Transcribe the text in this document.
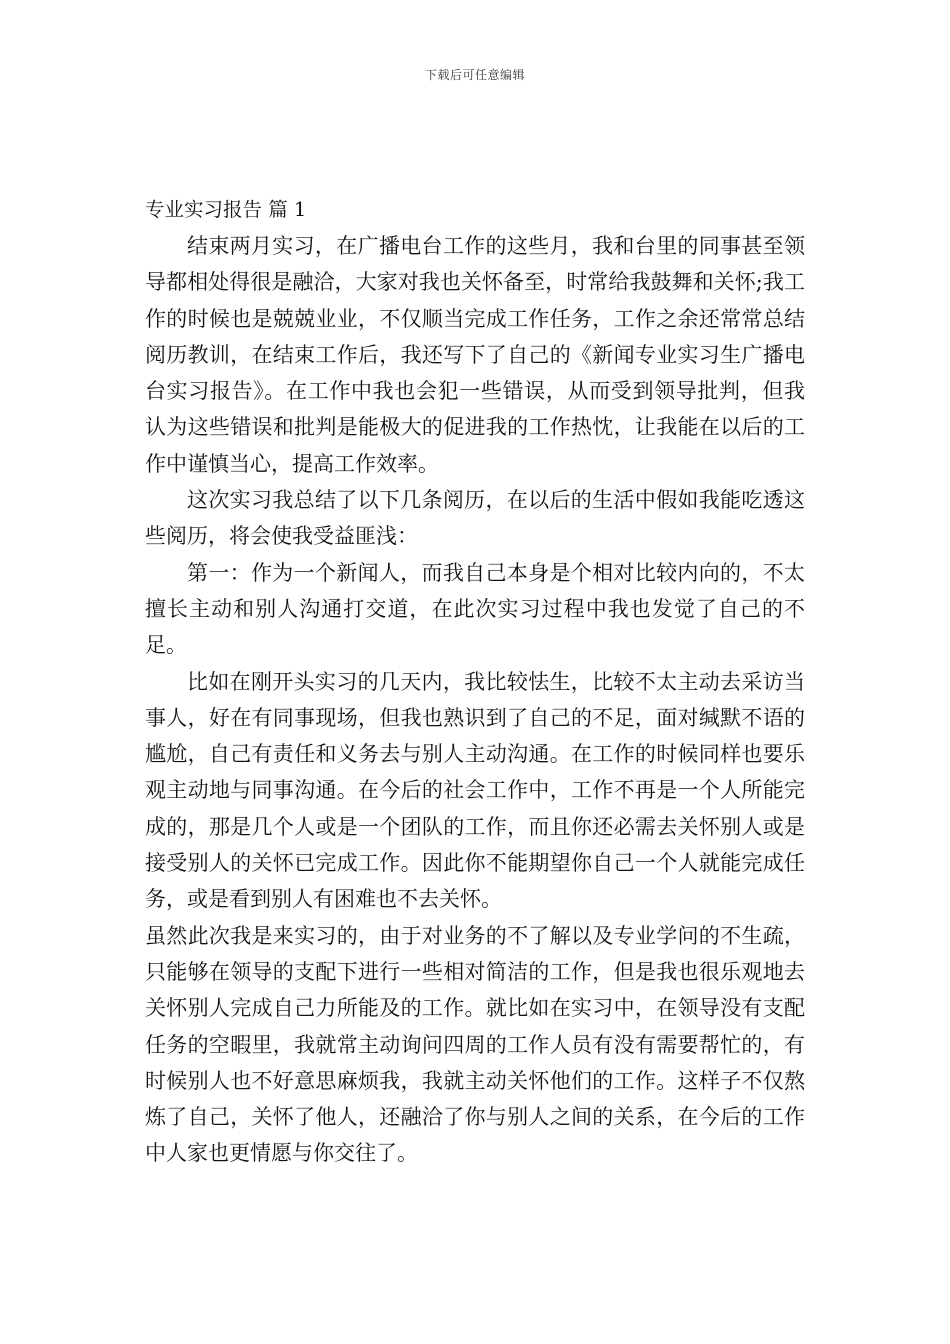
下载后可任意编辑
专业实习报告 篇 1

结束两月实习，在广播电台工作的这些月，我和台里的同事甚至领导都相处得很是融洽，大家对我也关怀备至，时常给我鼓舞和关怀;我工作的时候也是兢兢业业，不仅顺当完成工作任务，工作之余还常常总结阅历教训，在结束工作后，我还写下了自己的《新闻专业实习生广播电台实习报告》。在工作中我也会犯一些错误，从而受到领导批判，但我认为这些错误和批判是能极大的促进我的工作热忱，让我能在以后的工作中谨慎当心，提高工作效率。

这次实习我总结了以下几条阅历，在以后的生活中假如我能吃透这些阅历，将会使我受益匪浅：

第一：作为一个新闻人，而我自己本身是个相对比较内向的，不太擅长主动和别人沟通打交道，在此次实习过程中我也发觉了自己的不足。

比如在刚开头实习的几天内，我比较怯生，比较不太主动去采访当事人，好在有同事现场，但我也熟识到了自己的不足，面对缄默不语的尴尬，自己有责任和义务去与别人主动沟通。在工作的时候同样也要乐观主动地与同事沟通。在今后的社会工作中，工作不再是一个人所能完成的，那是几个人或是一个团队的工作，而且你还必需去关怀别人或是接受别人的关怀已完成工作。因此你不能期望你自己一个人就能完成任务，或是看到别人有困难也不去关怀。

虽然此次我是来实习的，由于对业务的不了解以及专业学问的不生疏，只能够在领导的支配下进行一些相对简洁的工作，但是我也很乐观地去关怀别人完成自己力所能及的工作。就比如在实习中，在领导没有支配任务的空暇里，我就常主动询问四周的工作人员有没有需要帮忙的，有时候别人也不好意思麻烦我，我就主动关怀他们的工作。这样子不仅熬炼了自己，关怀了他人，还融洽了你与别人之间的关系，在今后的工作中人家也更情愿与你交往了。
